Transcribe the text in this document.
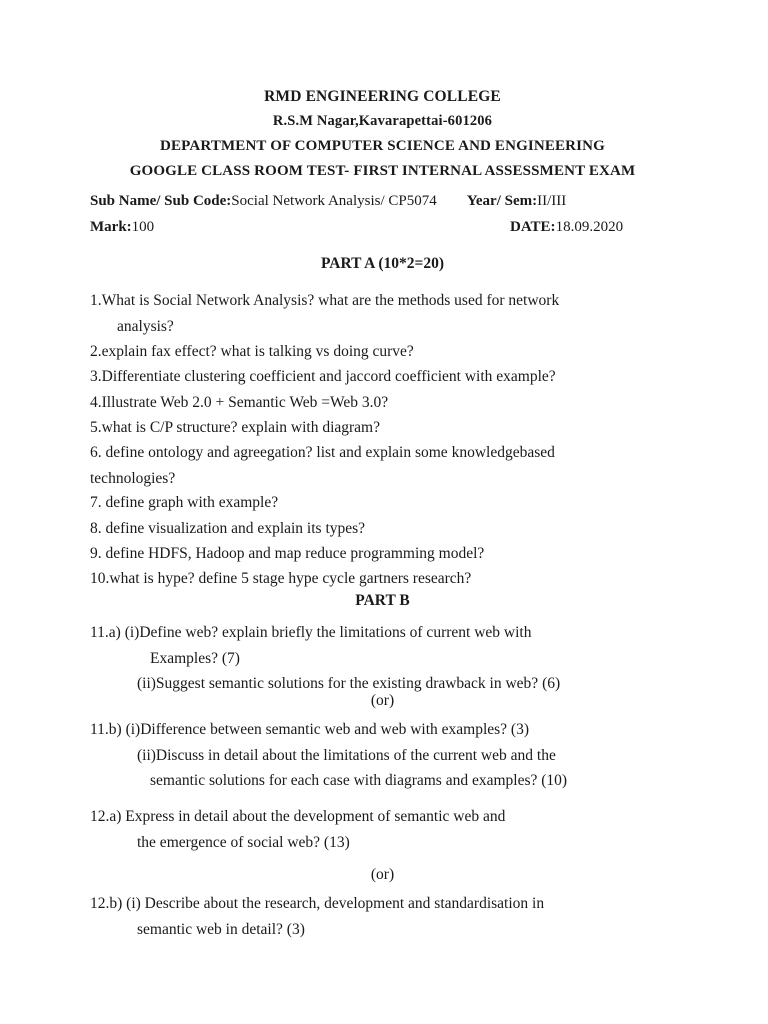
RMD ENGINEERING COLLEGE
R.S.M Nagar,Kavarapettai-601206
DEPARTMENT OF COMPUTER SCIENCE AND ENGINEERING
GOOGLE CLASS ROOM TEST- FIRST INTERNAL ASSESSMENT EXAM
Sub Name/ Sub Code:Social Network Analysis/ CP5074 Year/ Sem:II/III
Mark:100	DATE:18.09.2020
PART A (10*2=20)
1.What is Social Network Analysis? what are the methods used for network
analysis?
2.explain fax effect? what is talking vs doing curve?
3.Differentiate clustering coefficient and jaccord coefficient with example?
4.Illustrate Web 2.0 + Semantic Web =Web 3.0?
5.what is C/P structure? explain with diagram?
6. define ontology and agreegation? list and explain some knowledgebased
technologies?
7. define graph with example?
8. define visualization and explain its types?
9. define HDFS, Hadoop and map reduce programming model?
10.what is hype? define 5 stage hype cycle gartners research?
PART B
11.a) (i)Define web? explain briefly the limitations of current web with
Examples? (7)
(ii)Suggest semantic solutions for the existing drawback in web? (6)
(or)
11.b) (i)Difference between semantic web and web with examples? (3)
(ii)Discuss in detail about the limitations of the current web and the
semantic solutions for each case with diagrams and examples? (10)
12.a) Express in detail about the development of semantic web and
the emergence of social web? (13)
(or)
12.b) (i) Describe about the research, development and standardisation in
semantic web in detail? (3)
